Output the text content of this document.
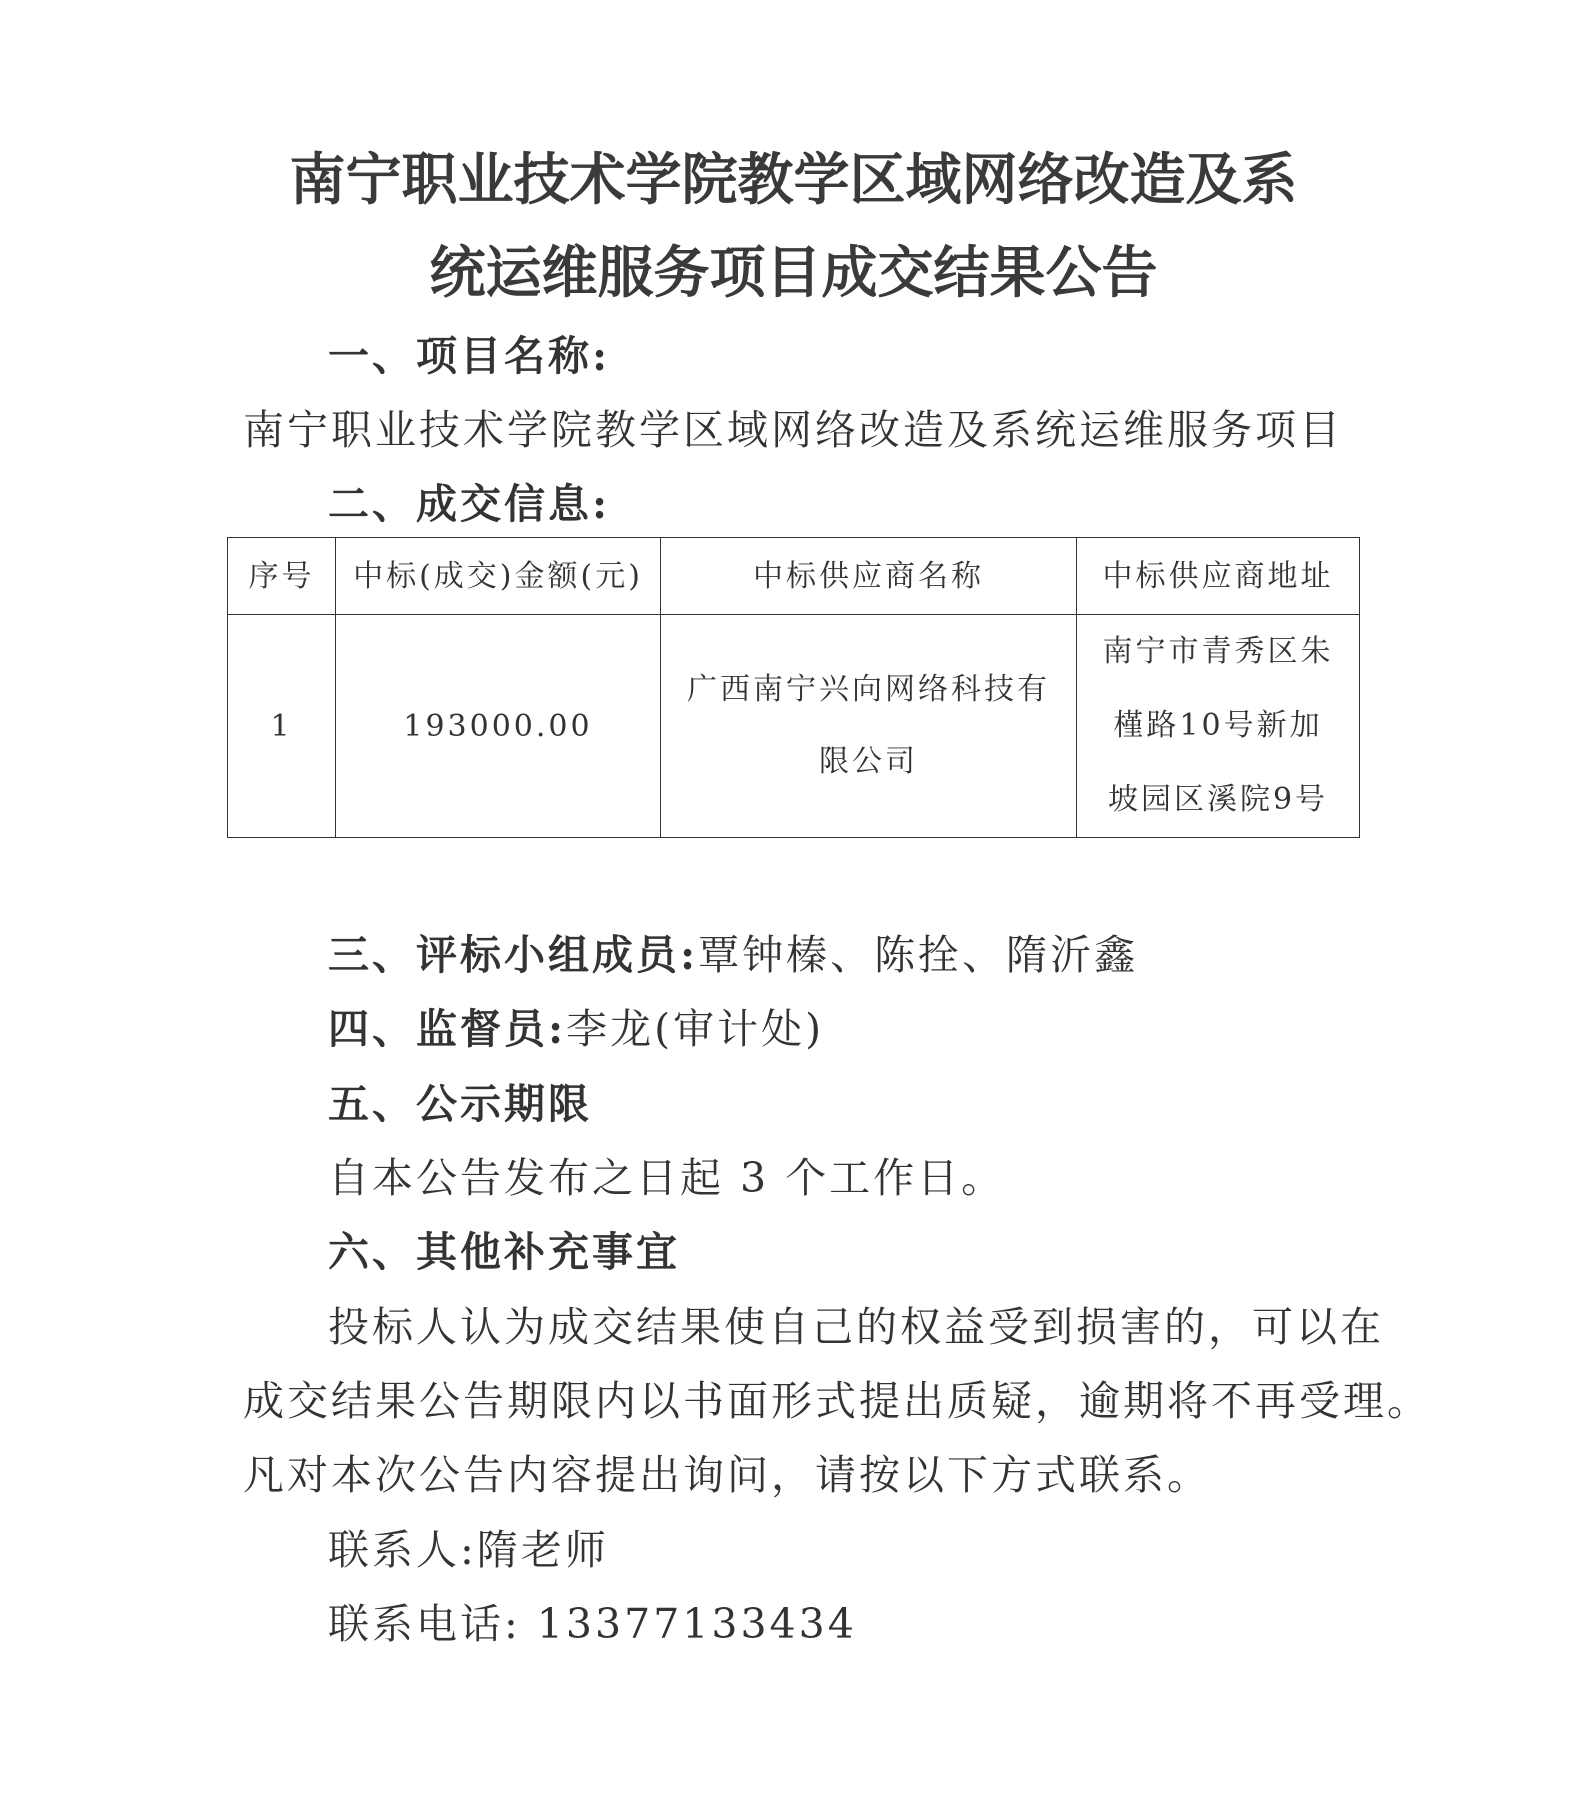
南宁职业技术学院教学区域网络改造及系
统运维服务项目成交结果公告
一、项目名称:
南宁职业技术学院教学区域网络改造及系统运维服务项目
二、成交信息:
序号	中标(成交)金额(元)	中标供应商名称	中标供应商地址
1	193000.00	广西南宁兴向网络科技有限公司	南宁市青秀区朱槿路10号新加坡园区溪院9号
三、评标小组成员:覃钟榛、陈拴、隋沂鑫
四、监督员:李龙(审计处)
五、公示期限
自本公告发布之日起 3 个工作日。
六、其他补充事宜
投标人认为成交结果使自己的权益受到损害的，可以在
成交结果公告期限内以书面形式提出质疑，逾期将不再受理。
凡对本次公告内容提出询问，请按以下方式联系。
联系人:隋老师
联系电话: 13377133434
